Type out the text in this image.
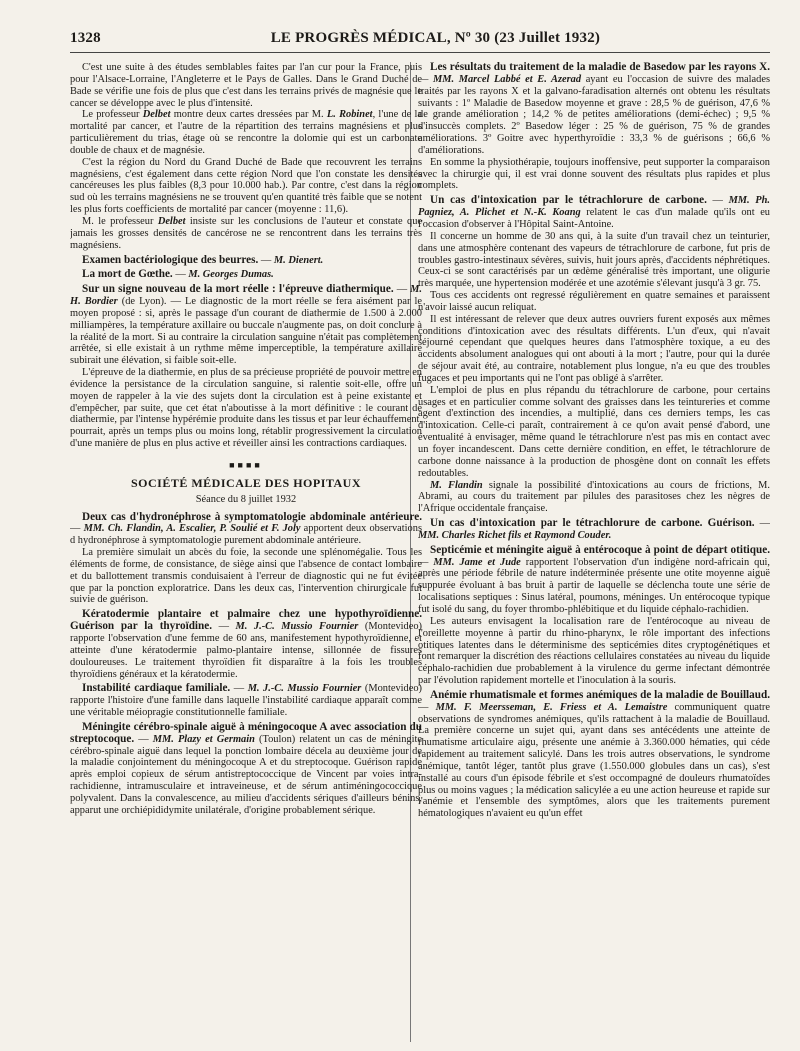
1328	LE PROGRÈS MÉDICAL, Nº 30 (23 Juillet 1932)

C'est une suite à des études semblables faites par l'an cur pour la France, puis pour l'Alsace-Lorraine, l'Angleterre et le Pays de Galles. Dans le Grand Duché de Bade se vérifie une fois de plus que c'est dans les terrains privés de magnésie que le cancer se développe avec le plus d'intensité.

Le professeur Delbet montre deux cartes dressées par M. L. Robinet, l'une de la mortalité par cancer, et l'autre de la répartition des terrains magnésiens et plus particulièrement du trias, étage où se rencontre la dolomie qui est un carbonate double de chaux et de magnésie.

C'est la région du Nord du Grand Duché de Bade que recouvrent les terrains magnésiens, c'est également dans cette région Nord que l'on constate les densités cancéreuses les plus faibles (8,3 pour 10.000 hab.). Par contre, c'est dans la région sud où les terrains magnésiens ne se trouvent qu'en quantité très faible que se notent les plus forts coefficients de mortalité par cancer (moyenne : 11,6).

M. le professeur Delbet insiste sur les conclusions de l'auteur et constate que jamais les grosses densités de cancérose ne se rencontrent dans les terrains très magnésiens.

Examen bactériologique des beurres. — M. Dienert.

La mort de Gœthe. — M. Georges Dumas.

Sur un signe nouveau de la mort réelle : l'épreuve diathermique. — M. H. Bordier (de Lyon). — Le diagnostic de la mort réelle se fera aisément par le moyen proposé : si, après le passage d'un courant de diathermie de 1.500 à 2.000 milliampères, la température axillaire ou buccale n'augmente pas, on doit conclure à la réalité de la mort. Si au contraire la circulation sanguine n'était pas complètement arrêtée, si elle existait à un rythme même imperceptible, la température axillaire subirait une élévation, si faible soit-elle.

L'épreuve de la diathermie, en plus de sa précieuse propriété de pouvoir mettre en évidence la persistance de la circulation sanguine, si ralentie soit-elle, offre un moyen de rappeler à la vie des sujets dont la circulation est à peine existante et d'empêcher, par suite, que cet état n'aboutisse à la mort définitive : le courant de diathermie, par l'intense hypérémie produite dans les tissus et par leur échauffement, pourrait, après un temps plus ou moins long, rétablir progressivement la circulation d'une manière de plus en plus active et réveiller ainsi les contractions cardiaques.

■■■■
SOCIÉTÉ MÉDICALE DES HOPITAUX
Séance du 8 juillet 1932

Deux cas d'hydronéphrose à symptomatologie abdominale antérieure. — MM. Ch. Flandin, A. Escalier, P. Soulié et F. Joly apportent deux observations d hydronéphrose à symptomatologie purement abdominale antérieure.

La première simulait un abcès du foie, la seconde une splénomégalie. Tous les éléments de forme, de consistance, de siège ainsi que l'absence de contact lombaire et du ballottement transmis conduisaient à l'erreur de diagnostic qui ne fut évitée que par la ponction exploratrice. Dans les deux cas, l'intervention chirurgicale fut suivie de guérison.

Kératodermie plantaire et palmaire chez une hypothyroïdienne. Guérison par la thyroïdine. — M. J.-C. Mussio Fournier (Montevideo) rapporte l'observation d'une femme de 60 ans, manifestement hypothyroïdienne, et atteinte d'une kératodermie palmo-plantaire intense, sillonnée de fissures douloureuses. Le traitement thyroïdien fit disparaître à la fois les troubles thyroïdiens généraux et la kératodermie.

Instabilité cardiaque familiale. — M. J.-C. Mussio Fournier (Montevideo) rapporte l'histoire d'une famille dans laquelle l'instabilité cardiaque apparaît comme une véritable méiopragie constitutionnelle familiale.

Méningite cérébro-spinale aiguë à méningocoque A avec association du streptocoque. — MM. Plazy et Germain (Toulon) relatent un cas de méningite cérébro-spinale aiguë dans lequel la ponction lombaire décela au deuxième jour de la maladie conjointement du méningocoque A et du streptocoque. Guérison rapide après emploi copieux de sérum antistreptococcique de Vincent par voies intra-rachidienne, intramusculaire et intraveineuse, et de sérum antiméningococcique polyvalent. Dans la convalescence, au milieu d'accidents sériques d'ailleurs bénins, apparut une orchiépididymite unilatérale, d'origine probablement sérique.

Les résultats du traitement de la maladie de Basedow par les rayons X. — MM. Marcel Labbé et E. Azerad ayant eu l'occasion de suivre des malades traités par les rayons X et la galvano-faradisation alternés ont obtenu les résultats suivants : 1º Maladie de Basedow moyenne et grave : 28,5 % de guérison, 47,6 % de grande amélioration ; 14,2 % de petites améliorations (demi-échec) ; 9,5 % d'insuccès complets. 2º Basedow léger : 25 % de guérison, 75 % de grandes améliorations. 3º Goitre avec hyperthyroïdie : 33,3 % de guérisons ; 66,6 % d'améliorations.

En somme la physiothérapie, toujours inoffensive, peut supporter la comparaison avec la chirurgie qui, il est vrai donne souvent des résultats plus rapides et plus complets.

Un cas d'intoxication par le tétrachlorure de carbone. — MM. Ph. Pagniez, A. Plichet et N.-K. Koang relatent le cas d'un malade qu'ils ont eu l'occasion d'observer à l'Hôpital Saint-Antoine.

Il concerne un homme de 30 ans qui, à la suite d'un travail chez un teinturier, dans une atmosphère contenant des vapeurs de tétrachlorure de carbone, fut pris de troubles gastro-intestinaux sévères, suivis, huit jours après, d'accidents néphrétiques. Ceux-ci se sont caractérisés par un œdème généralisé très important, une oligurie très marquée, une hypertension modérée et une azotémie s'élevant jusqu'à 3 gr. 75.

Tous ces accidents ont regressé régulièrement en quatre semaines et paraissent n'avoir laissé aucun reliquat.

Il est intéressant de relever que deux autres ouvriers furent exposés aux mêmes conditions d'intoxication avec des résultats différents. L'un d'eux, qui n'avait séjourné cependant que quelques heures dans l'atmosphère toxique, a eu des accidents absolument analogues qui ont abouti à la mort ; l'autre, pour qui la durée de séjour avait été, au contraire, notablement plus longue, n'a eu que des troubles fugaces et peu importants qui ne l'ont pas obligé à s'arrêter.

L'emploi de plus en plus répandu du tétrachlorure de carbone, pour certains usages et en particulier comme solvant des graisses dans les teintureries et comme agent d'extinction des incendies, a multiplié, dans ces derniers temps, les cas d'intoxication. Celle-ci paraît, contrairement à ce qu'on avait pensé d'abord, une éventualité à envisager, même quand le tétrachlorure n'est pas mis en contact avec un foyer incandescent. Dans cette dernière condition, en effet, le tétrachlorure de carbone donne naissance à la production de phosgène dont on connaît les effets redoutables.

M. Flandin signale la possibilité d'intoxications au cours de frictions, M. Abrami, au cours du traitement par pilules des parasitoses chez les nègres de l'Afrique occidentale française.

Un cas d'intoxication par le tétrachlorure de carbone. Guérison. — MM. Charles Richet fils et Raymond Couder.

Septicémie et méningite aiguë à entérocoque à point de départ otitique. — MM. Jame et Jude rapportent l'observation d'un indigène nord-africain qui, après une période fébrile de nature indéterminée présente une otite moyenne aiguë suppurée évoluant à bas bruit à partir de laquelle se déclencha toute une série de localisations septiques : Sinus latéral, poumons, méninges. Un entérocoque typique fut isolé du sang, du foyer thrombo-phlébitique et du liquide céphalo-rachidien.

Les auteurs envisagent la localisation rare de l'entérocoque au niveau de l'oreillette moyenne à partir du rhino-pharynx, le rôle important des infections otitiques latentes dans le déterminisme des septicémies dites cryptogénétiques et font remarquer la discrétion des réactions cellulaires constatées au niveau du liquide céphalo-rachidien due probablement à la virulence du germe infectant démontrée par l'évolution rapidement mortelle et l'inoculation à la souris.

Anémie rhumatismale et formes anémiques de la maladie de Bouillaud. — MM. F. Meersseman, E. Friess et A. Lemaistre communiquent quatre observations de syndromes anémiques, qu'ils rattachent à la maladie de Bouillaud. La première concerne un sujet qui, ayant dans ses antécédents une atteinte de rhumatisme articulaire aigu, présente une anémie à 3.360.000 hématies, qui céde rapidement au traitement salicylé. Dans les trois autres observations, le syndrome anémique, tantôt léger, tantôt plus grave (1.550.000 globules dans un cas), s'est installé au cours d'un épisode fébrile et s'est occompagné de douleurs rhumatoïdes plus ou moins vagues ; la médication salicylée a eu une action heureuse et rapide sur l'anémie et l'ensemble des symptômes, alors que les traitements purement hématologiques n'avaient eu qu'un effet
